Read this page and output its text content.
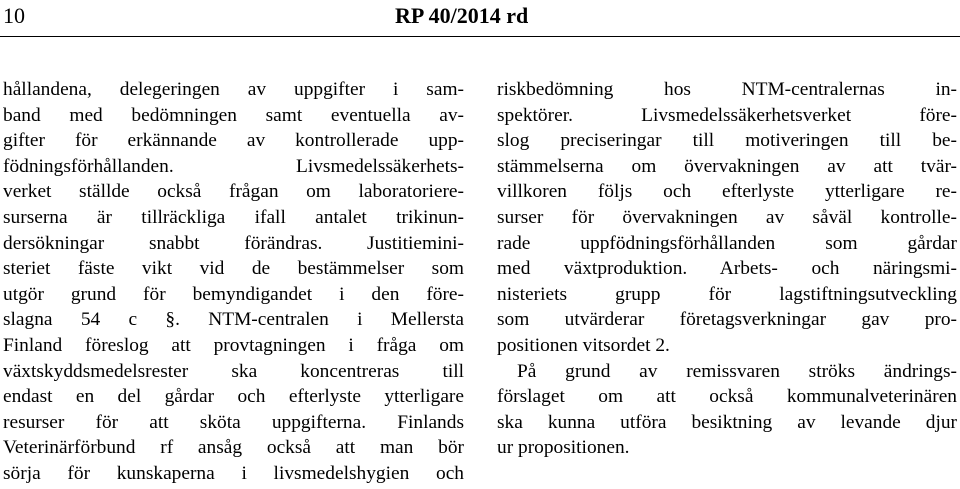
10	RP 40/2014 rd
hållandena, delegeringen av uppgifter i sam-
band med bedömningen samt eventuella av-
gifter för erkännande av kontrollerade upp-
födningsförhållanden. Livsmedelssäkerhets-
verket ställde också frågan om laboratoriere-
surserna är tillräckliga ifall antalet trikinun-
dersökningar snabbt förändras. Justitiemini-
steriet fäste vikt vid de bestämmelser som
utgör grund för bemyndigandet i den före-
slagna 54 c §. NTM-centralen i Mellersta
Finland föreslog att provtagningen i fråga om
växtskyddsmedelsrester ska koncentreras till
endast en del gårdar och efterlyste ytterligare
resurser för att sköta uppgifterna. Finlands
Veterinärförbund rf ansåg också att man bör
sörja för kunskaperna i livsmedelshygien och
riskbedömning hos NTM-centralernas in-
spektörer. Livsmedelssäkerhetsverket före-
slog preciseringar till motiveringen till be-
stämmelserna om övervakningen av att tvär-
villkoren följs och efterlyste ytterligare re-
surser för övervakningen av såväl kontrolle-
rade uppfödningsförhållanden som gårdar
med växtproduktion. Arbets- och näringsmi-
nisteriets grupp för lagstiftningsutveckling
som utvärderar företagsverkningar gav pro-
positionen vitsordet 2.
På grund av remissvaren ströks ändrings-
förslaget om att också kommunalveterinären
ska kunna utföra besiktning av levande djur
ur propositionen.
